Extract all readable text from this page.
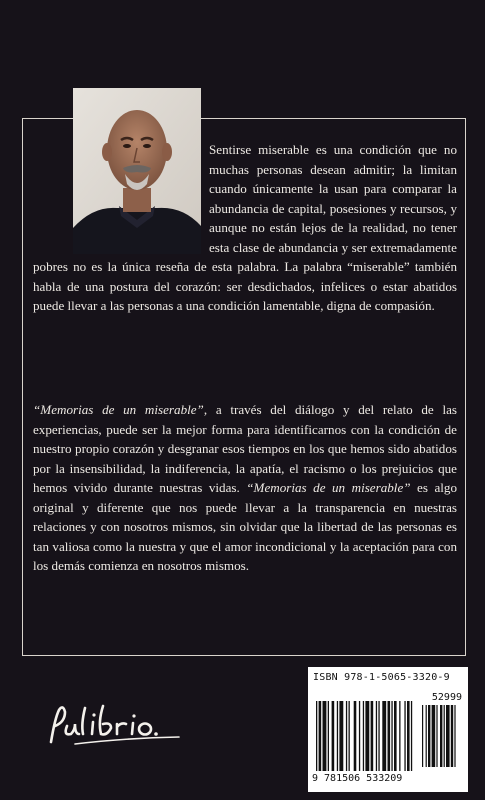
Sentirse miserable es una condición que no muchas personas desean admitir; la limitan cuando únicamente la usan para comparar la abundancia de capital, posesiones y recursos, y aunque no están lejos de la realidad, no tener esta clase de abundancia y ser extremadamente pobres no es la única reseña de esta palabra. La palabra “miserable” también habla de una postura del corazón: ser desdichados, infelices o estar abatidos puede llevar a las personas a una condición lamentable, digna de compasión.

“Memorias de un miserable”, a través del diálogo y del relato de las experiencias, puede ser la mejor forma para identificarnos con la condición de nuestro propio corazón y desgranar esos tiempos en los que hemos sido abatidos por la insensibilidad, la indiferencia, la apatía, el racismo o los prejuicios que hemos vivido durante nuestras vidas. “Memorias de un miserable” es algo original y diferente que nos puede llevar a la transparencia en nuestras relaciones y con nosotros mismos, sin olvidar que la libertad de las personas es tan valiosa como la nuestra y que el amor incondicional y la aceptación para con los demás comienza en nosotros mismos.

ISBN 978-1-5065-3320-9
52999
9 781506 533209
